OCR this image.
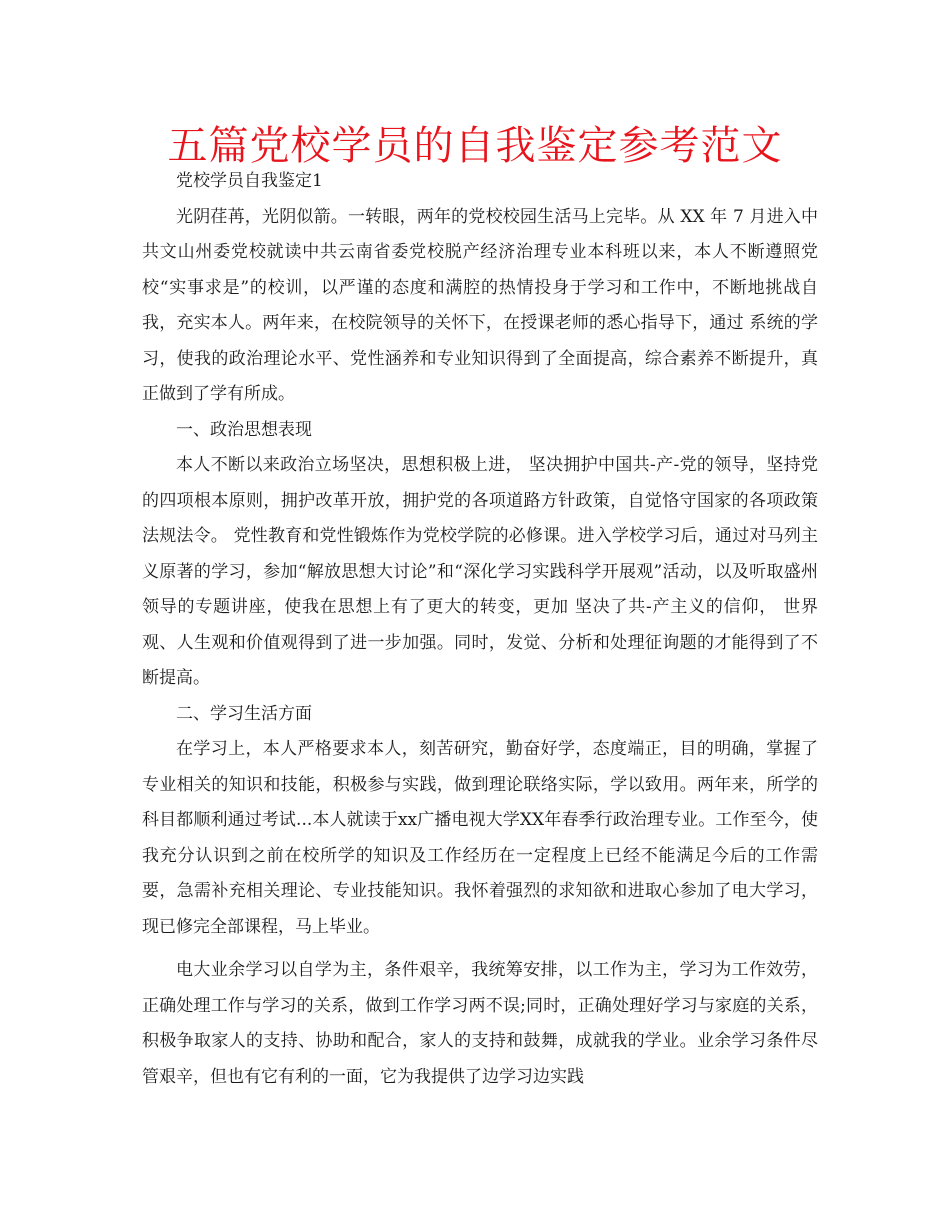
五篇党校学员的自我鉴定参考范文

党校学员自我鉴定1

光阴荏苒，光阴似箭。一转眼，两年的党校校园生活马上完毕。从 XX 年 7 月进入中共文山州委党校就读中共云南省委党校脱产经济治理专业本科班以来，本人不断遵照党校“实事求是”的校训，以严谨的态度和满腔的热情投身于学习和工作中，不断地挑战自我，充实本人。两年来，在校院领导的关怀下，在授课老师的悉心指导下，通过 系统的学习，使我的政治理论水平、党性涵养和专业知识得到了全面提高，综合素养不断提升，真正做到了学有所成。

一、政治思想表现

本人不断以来政治立场坚决，思想积极上进， 坚决拥护中国共-产-党的领导，坚持党的四项根本原则，拥护改革开放，拥护党的各项道路方针政策，自觉恪守国家的各项政策法规法令。 党性教育和党性锻炼作为党校学院的必修课。进入学校学习后，通过对马列主义原著的学习，参加“解放思想大讨论”和“深化学习实践科学开展观”活动，以及听取盛州领导的专题讲座，使我在思想上有了更大的转变，更加 坚决了共-产主义的信仰， 世界观、人生观和价值观得到了进一步加强。同时，发觉、分析和处理征询题的才能得到了不断提高。

二、学习生活方面

在学习上，本人严格要求本人，刻苦研究，勤奋好学，态度端正，目的明确，掌握了专业相关的知识和技能，积极参与实践，做到理论联络实际，学以致用。两年来，所学的科目都顺利通过考试...本人就读于xx广播电视大学XX年春季行政治理专业。工作至今，使我充分认识到之前在校所学的知识及工作经历在一定程度上已经不能满足今后的工作需要，急需补充相关理论、专业技能知识。我怀着强烈的求知欲和进取心参加了电大学习，现已修完全部课程，马上毕业。

电大业余学习以自学为主，条件艰辛，我统筹安排，以工作为主，学习为工作效劳，正确处理工作与学习的关系，做到工作学习两不误;同时，正确处理好学习与家庭的关系，积极争取家人的支持、协助和配合，家人的支持和鼓舞，成就我的学业。业余学习条件尽管艰辛，但也有它有利的一面，它为我提供了边学习边实践
